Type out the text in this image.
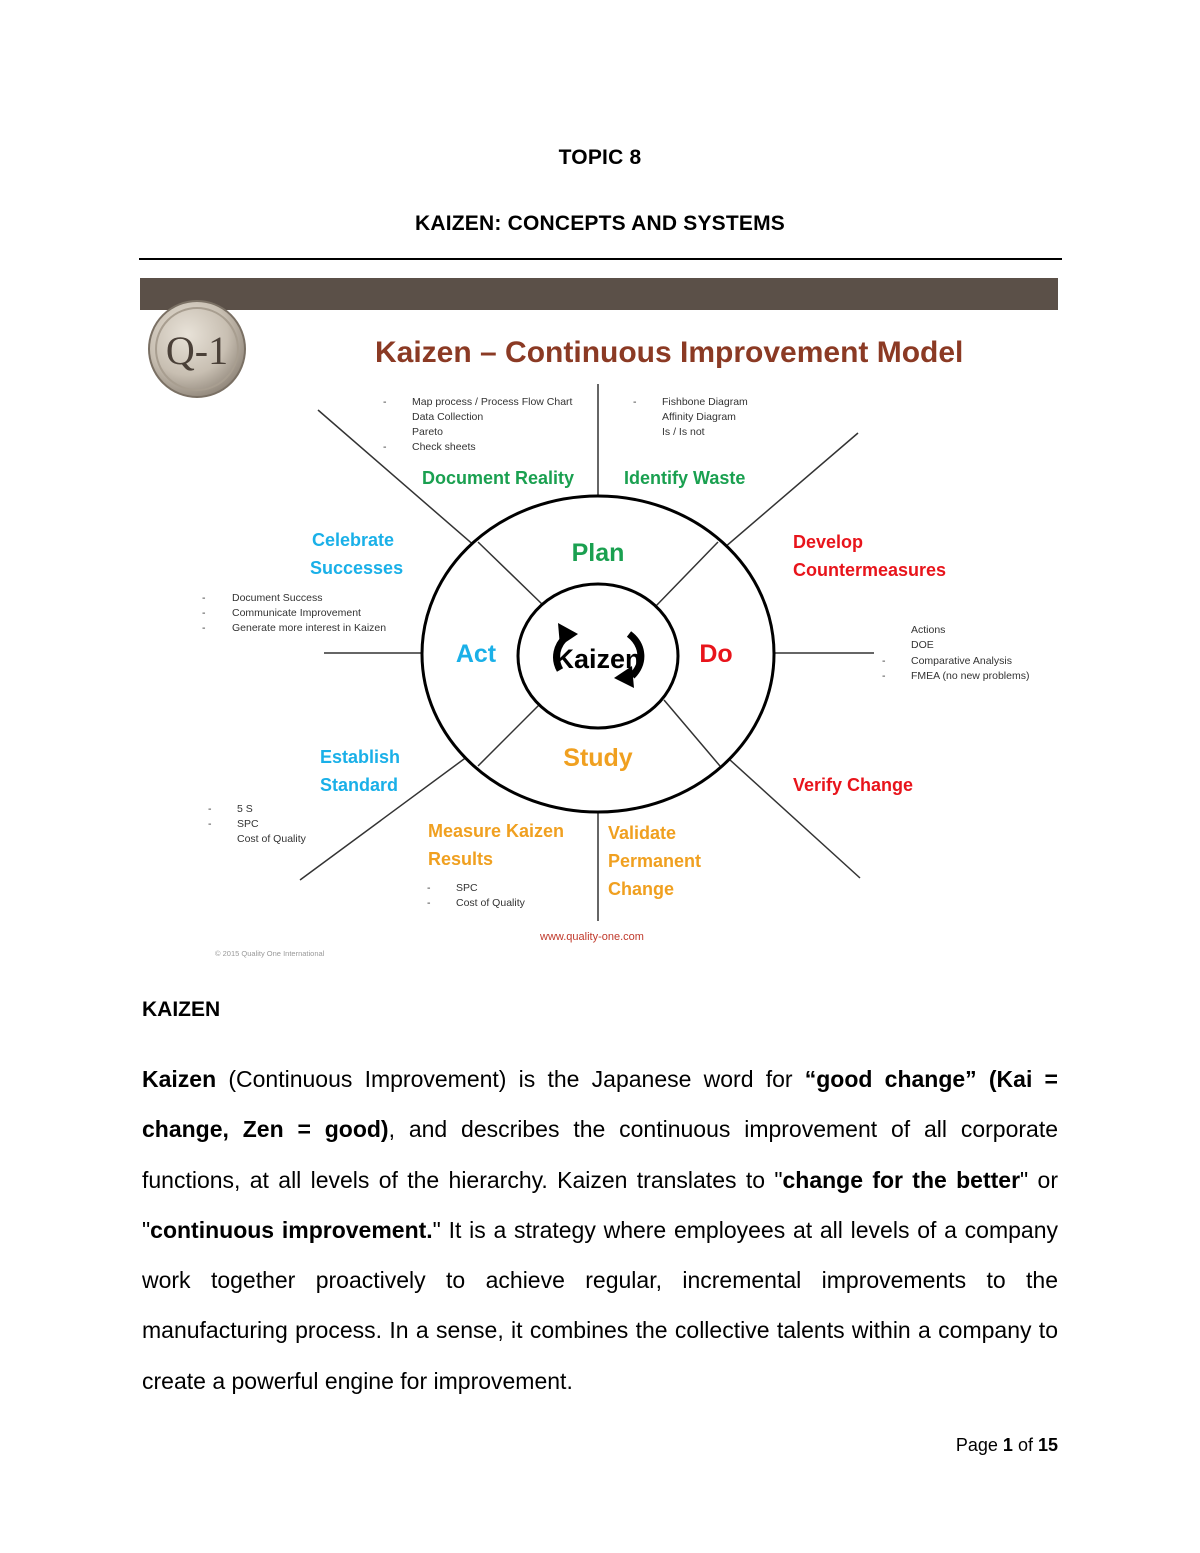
TOPIC 8
KAIZEN: CONCEPTS AND SYSTEMS
Q-1	Kaizen – Continuous Improvement Model
Kaizen
Plan
Do
Study
Act
Document Reality	Identify Waste
Develop
Countermeasures
Verify Change
Validate
Permanent
Change
Measure Kaizen
Results
Establish
Standard
Celebrate
Successes
-
-
Map process / Process Flow Chart
Data Collection
Pareto
Check sheets
- Fishbone Diagram
Affinity Diagram
Is / Is not
-
-
-
Document Success
Communicate Improvement
Generate more interest in Kaizen
-
-
Actions
DOE
Comparative Analysis
FMEA (no new problems)
-
-
5 S
SPC
Cost of Quality
-
-
SPC
Cost of Quality
www.quality-one.com
© 2015 Quality One International
KAIZEN

Kaizen (Continuous Improvement) is the Japanese word for “good change” (Kai = change, Zen = good), and describes the continuous improvement of all corporate functions, at all levels of the hierarchy. Kaizen translates to "change for the better" or "continuous improvement." It is a strategy where employees at all levels of a company work together proactively to achieve regular, incremental improvements to the manufacturing process. In a sense, it combines the collective talents within a company to create a powerful engine for improvement.

Page 1 of 15
